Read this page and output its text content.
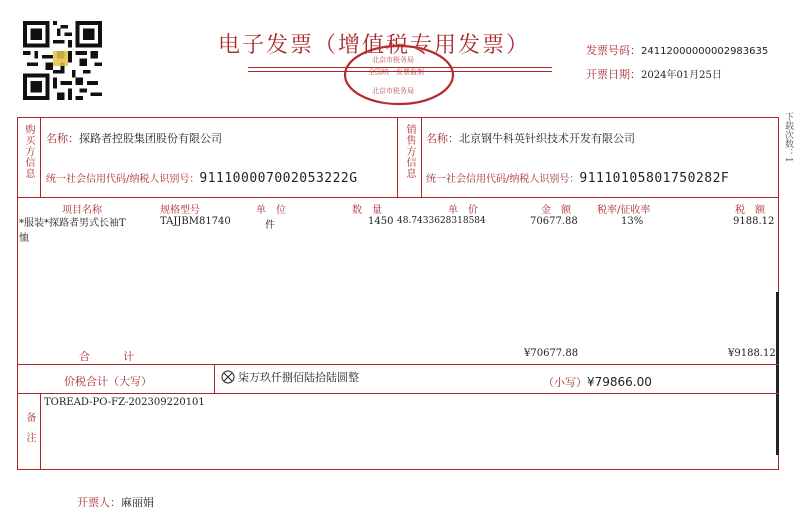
电子发票（增值税专用发票）
北京市税务局
全国统一发票监制
北京市税务局
发票号码：24112000000002983635
开票日期：2024年01月25日
购买方信息 名称：探路者控股集团股份有限公司
统一社会信用代码/纳税人识别号：911100007002053222G	销售方信息 名称：北京钢牛科英针织技术开发有限公司
统一社会信用代码/纳税人识别号：91110105801750282F
项目名称	规格型号	单　位	数　量	单　价	金　额	税率/征收率	税　额
*服装*探路者男式长袖T
恤
TAJJBM81740	件	1450 48.7433628318584	70677.88	13%	9188.12
合　　　计	¥70677.88	¥9188.12
价税合计（大写）	柒万玖仟捌佰陆拾陆圆整	（小写）¥79866.00
备注
TOREAD-PO-FZ-202309220101
下载次数：1
开票人：麻丽娟
